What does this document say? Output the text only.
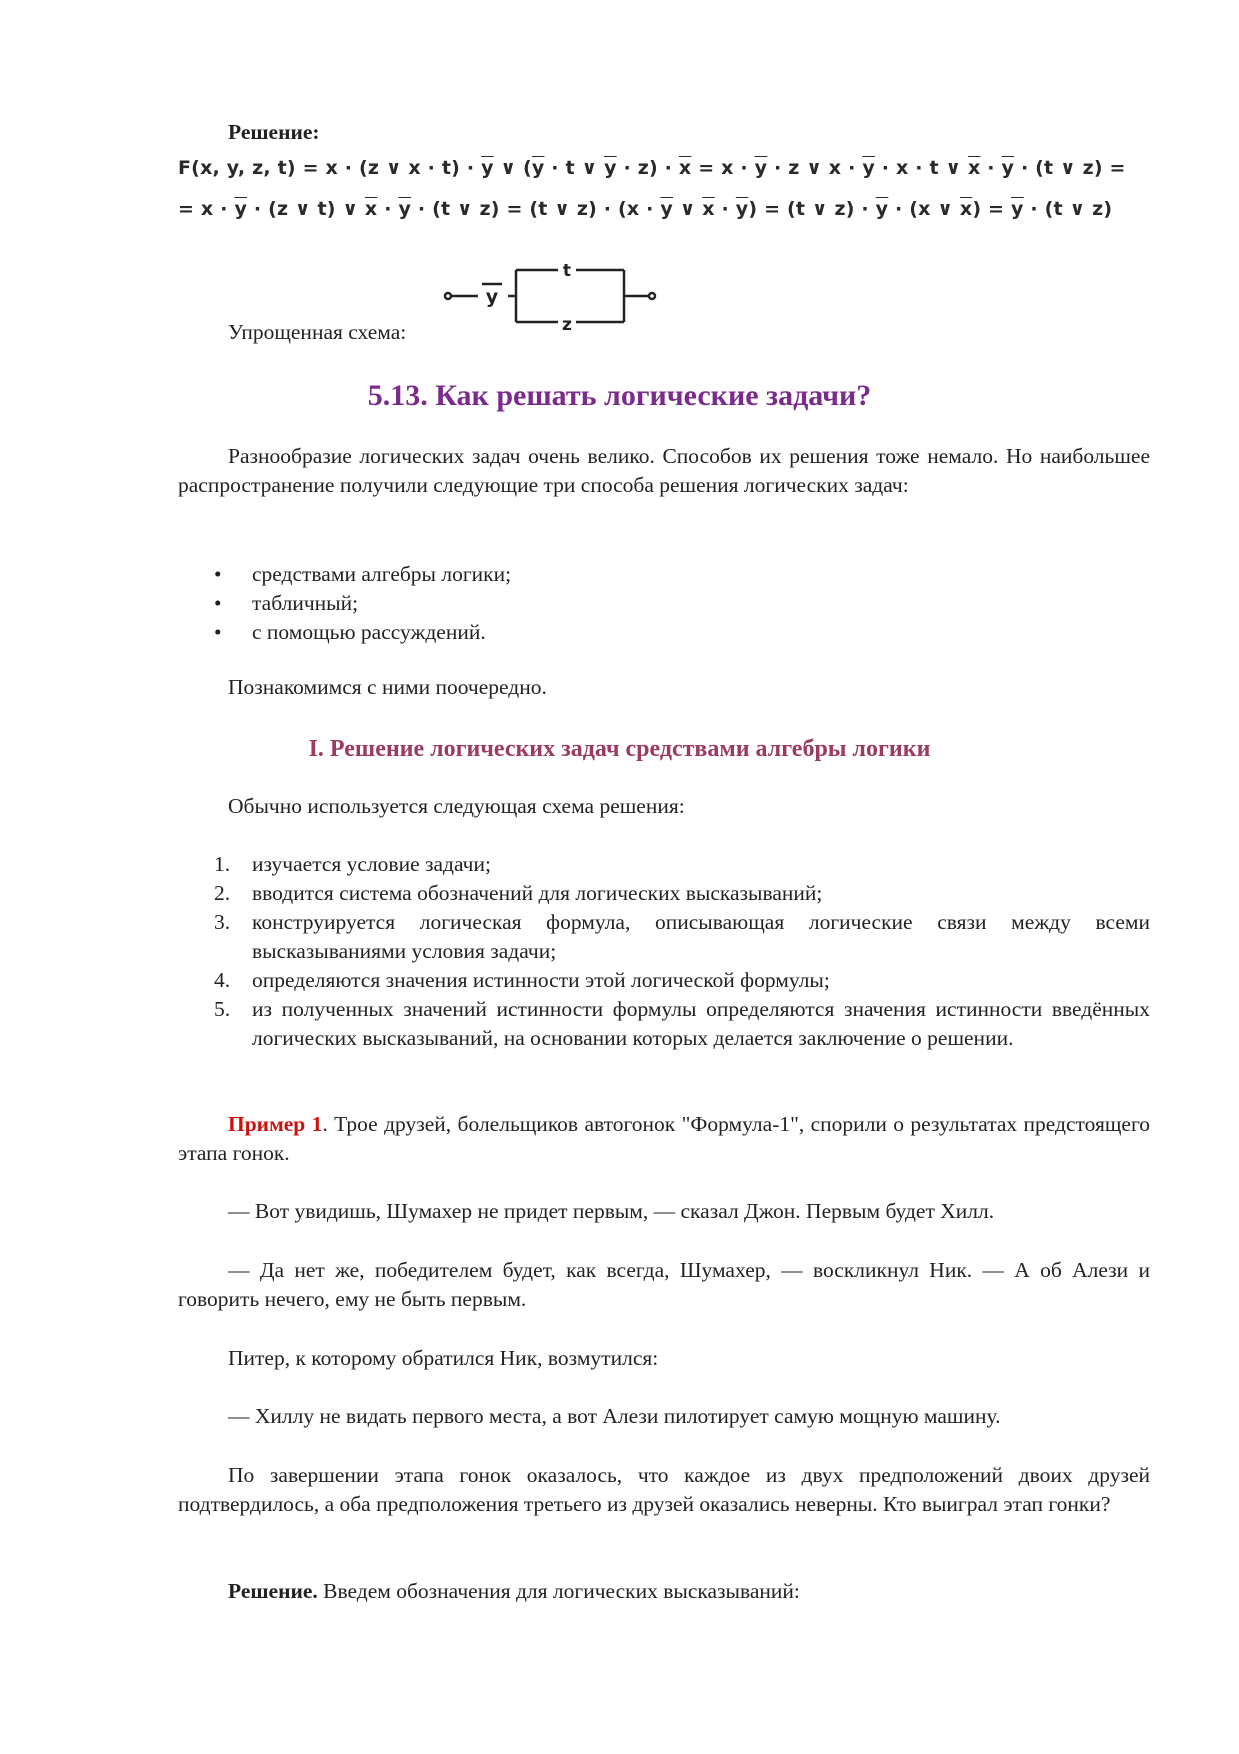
Решение:
F(x, y, z, t) = x · (z ∨ $x \cdot t) \cdot \overline{y}$ ∨ ($\overline{y} \cdot t$ ∨ $\overline{y} \cdot z) \cdot \overline{x} = x \cdot \overline{y} \cdot z$ ∨ $x \cdot \overline{y} \cdot x \cdot t$ ∨ $\overline{x} \cdot \overline{y} \cdot (t$ ∨ z) =
= $x \cdot \overline{y} \cdot (z$ ∨ t) ∨ $\overline{x} \cdot \overline{y} \cdot (t$ ∨ z) = (t ∨ $z) \cdot (x \cdot \overline{y}$ ∨ $\overline{x} \cdot \overline{y}) = (t$ ∨ $z) \cdot \overline{y} \cdot (x$ ∨ $\overline{x}) = \overline{y} \cdot (t$ ∨ z)
Упрощенная схема:
y
t
z
5.13. Как решать логические задачи?
Разнообразие логических задач очень велико. Способов их решения тоже немало. Но наибольшее распространение получили следующие три способа решения логических задач:
• средствами алгебры логики;
• табличный;
• с помощью рассуждений.
Познакомимся с ними поочередно.
I. Решение логических задач средствами алгебры логики
Обычно используется следующая схема решения:
1. изучается условие задачи;
2. вводится система обозначений для логических высказываний;
3. конструируется логическая формула, описывающая логические связи между всеми высказываниями условия задачи;
4. определяются значения истинности этой логической формулы;
5. из полученных значений истинности формулы определяются значения истинности введённых логических высказываний, на основании которых делается заключение о решении.
Пример 1. Трое друзей, болельщиков автогонок "Формула-1", спорили о результатах предстоящего этапа гонок.
— Вот увидишь, Шумахер не придет первым, — сказал Джон. Первым будет Хилл.
— Да нет же, победителем будет, как всегда, Шумахер, — воскликнул Ник. — А об Алези и говорить нечего, ему не быть первым.
Питер, к которому обратился Ник, возмутился:
— Хиллу не видать первого места, а вот Алези пилотирует самую мощную машину.
По завершении этапа гонок оказалось, что каждое из двух предположений двоих друзей подтвердилось, а оба предположения третьего из друзей оказались неверны. Кто выиграл этап гонки?
Решение. Введем обозначения для логических высказываний:
